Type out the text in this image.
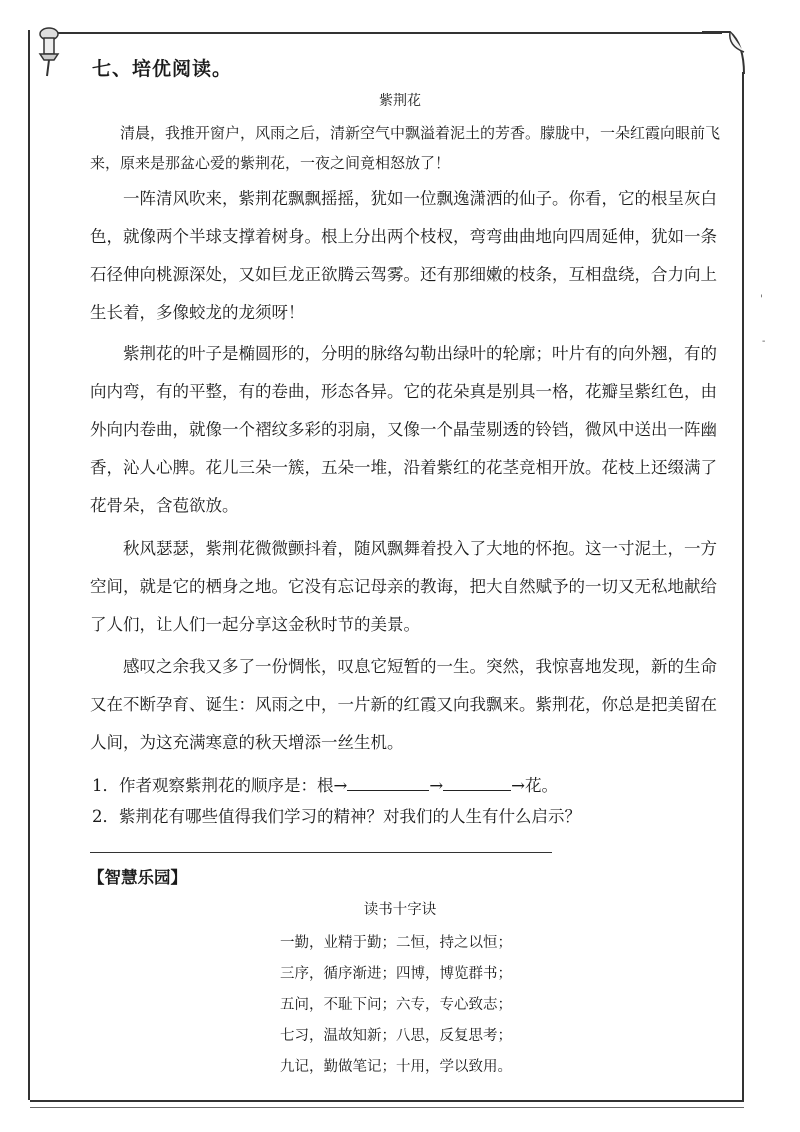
七、培优阅读。
紫荆花

清晨，我推开窗户，风雨之后，清新空气中飘溢着泥土的芳香。朦胧中，一朵红霞向眼前飞来，原来是那盆心爱的紫荆花，一夜之间竟相怒放了！

一阵清风吹来，紫荆花飘飘摇摇，犹如一位飘逸潇洒的仙子。你看，它的根呈灰白色，就像两个半球支撑着树身。根上分出两个枝杈，弯弯曲曲地向四周延伸，犹如一条石径伸向桃源深处，又如巨龙正欲腾云驾雾。还有那细嫩的枝条，互相盘绕，合力向上生长着，多像蛟龙的龙须呀！

紫荆花的叶子是椭圆形的，分明的脉络勾勒出绿叶的轮廓；叶片有的向外翘，有的向内弯，有的平整，有的卷曲，形态各异。它的花朵真是别具一格，花瓣呈紫红色，由外向内卷曲，就像一个褶纹多彩的羽扇，又像一个晶莹剔透的铃铛，微风中送出一阵幽香，沁人心脾。花儿三朵一簇，五朵一堆，沿着紫红的花茎竞相开放。花枝上还缀满了花骨朵，含苞欲放。

秋风瑟瑟，紫荆花微微颤抖着，随风飘舞着投入了大地的怀抱。这一寸泥土，一方空间，就是它的栖身之地。它没有忘记母亲的教诲，把大自然赋予的一切又无私地献给了人们，让人们一起分享这金秋时节的美景。

感叹之余我又多了一份惆怅，叹息它短暂的一生。突然，我惊喜地发现，新的生命又在不断孕育、诞生：风雨之中，一片新的红霞又向我飘来。紫荆花，你总是把美留在人间，为这充满寒意的秋天增添一丝生机。

1．作者观察紫荆花的顺序是：根→	→	→花。
2．紫荆花有哪些值得我们学习的精神？对我们的人生有什么启示？
【智慧乐园】
读书十字诀
一勤，业精于勤；二恒，持之以恒；
三序，循序渐进；四博，博览群书；
五问，不耻下问；六专，专心致志；
七习，温故知新；八思，反复思考；
九记，勤做笔记；十用，学以致用。
'
-
